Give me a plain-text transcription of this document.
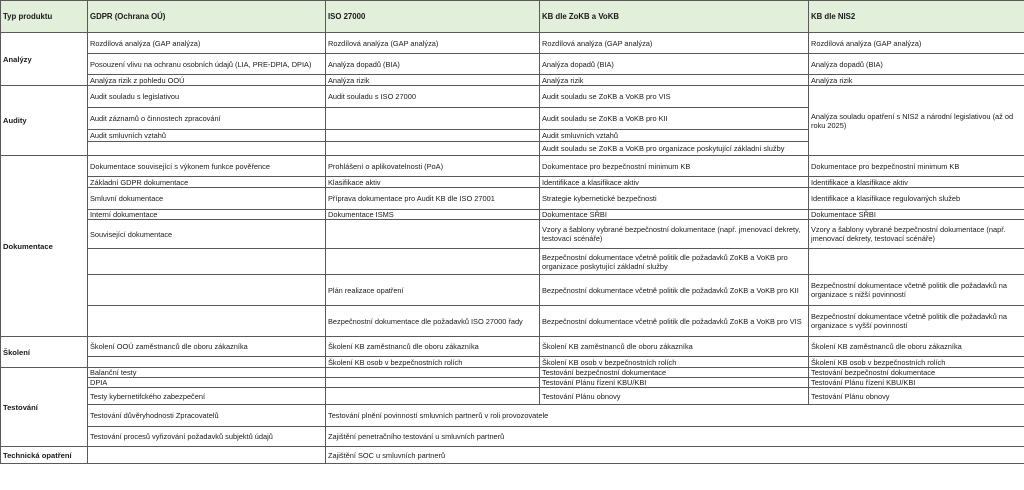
Typ produktu	GDPR (Ochrana OÚ)	ISO 27000	KB dle ZoKB a VoKB	KB dle NIS2
Analýzy	Rozdílová analýza (GAP analýza)	Rozdílová analýza (GAP analýza)	Rozdílová analýza (GAP analýza)	Rozdílová analýza (GAP analýza)
	Posouzení vlivu na ochranu osobních údajů (LIA, PRE-DPIA, DPIA)	Analýza dopadů (BIA)	Analýza dopadů (BIA)	Analýza dopadů (BIA)
	Analýza rizik z pohledu OOÚ	Analýza rizik	Analýza rizik	Analýza rizik
Audity	Audit souladu s legislativou	Audit souladu s ISO 27000	Audit souladu se ZoKB a VoKB pro VIS	Analýza souladu opatření s NIS2 a národní legislativou (až od roku 2025)
	Audit záznamů o činnostech zpracování		Audit souladu se ZoKB a VoKB pro KII	
	Audit smluvních vztahů		Audit smluvních vztahů	
			Audit souladu se ZoKB a VoKB pro organizace poskytující základní služby	
Dokumentace	Dokumentace související s výkonem funkce pověřence	Prohlášení o aplikovatelnosti (PoA)	Dokumentace pro bezpečnostní minimum KB	Dokumentace pro bezpečnostní minimum KB
	Základní GDPR dokumentace	Klasifikace aktiv	Identifikace a klasifikace aktiv	Identifikace a klasifikace aktiv
	Smluvní dokumentace	Příprava dokumentace pro Audit KB dle ISO 27001	Strategie kybernetické bezpečnosti	Identifikace a klasifikace regulovaných služeb
	Interní dokumentace	Dokumentace ISMS	Dokumentace SŘBI	Dokumentace SŘBI
	Související dokumentace		Vzory a šablony vybrané bezpečnostní dokumentace (např. jmenovací dekrety, testovací scénáře)	Vzory a šablony vybrané bezpečnostní dokumentace (např. jmenovací dekrety, testovací scénáře)
			Bezpečnostní dokumentace včetně politik dle požadavků ZoKB a VoKB pro organizace poskytující základní služby	
		Plán realizace opatření	Bezpečnostní dokumentace včetně politik dle požadavků ZoKB a VoKB pro KII	Bezpečnostní dokumentace včetně politik dle požadavků na organizace s nižší povinností
		Bezpečnostní dokumentace dle požadavků ISO 27000 řady	Bezpečnostní dokumentace včetně politik dle požadavků ZoKB a VoKB pro VIS	Bezpečnostní dokumentace včetně politik dle požadavků na organizace s vyšší povinností
Školení	Školení OOÚ zaměstnanců dle oboru zákazníka	Školení KB zaměstnanců dle oboru zákazníka	Školení KB zaměstnanců dle oboru zákazníka	Školení KB zaměstnanců dle oboru zákazníka
		Školení KB osob v bezpečnostních rolích	Školení KB osob v bezpečnostních rolích	Školení KB osob v bezpečnostních rolích
Testování	Balanční testy		Testování bezpečnostní dokumentace	Testování bezpečnostní dokumentace
	DPIA		Testování Plánu řízení KBU/KBI	Testování Plánu řízení KBU/KBI
	Testy kybernetifckého zabezpečení		Testování Plánu obnovy	Testování Plánu obnovy
	Testování důvěryhodnosti Zpracovatelů	Testování plnění povinností smluvních partnerů v roli provozovatele		
	Testování procesů vyřizování požadavků subjektů údajů	Zajištění penetračního testování u smluvních partnerů		
Technická opatření		Zajištění SOC u smluvních partnerů		
